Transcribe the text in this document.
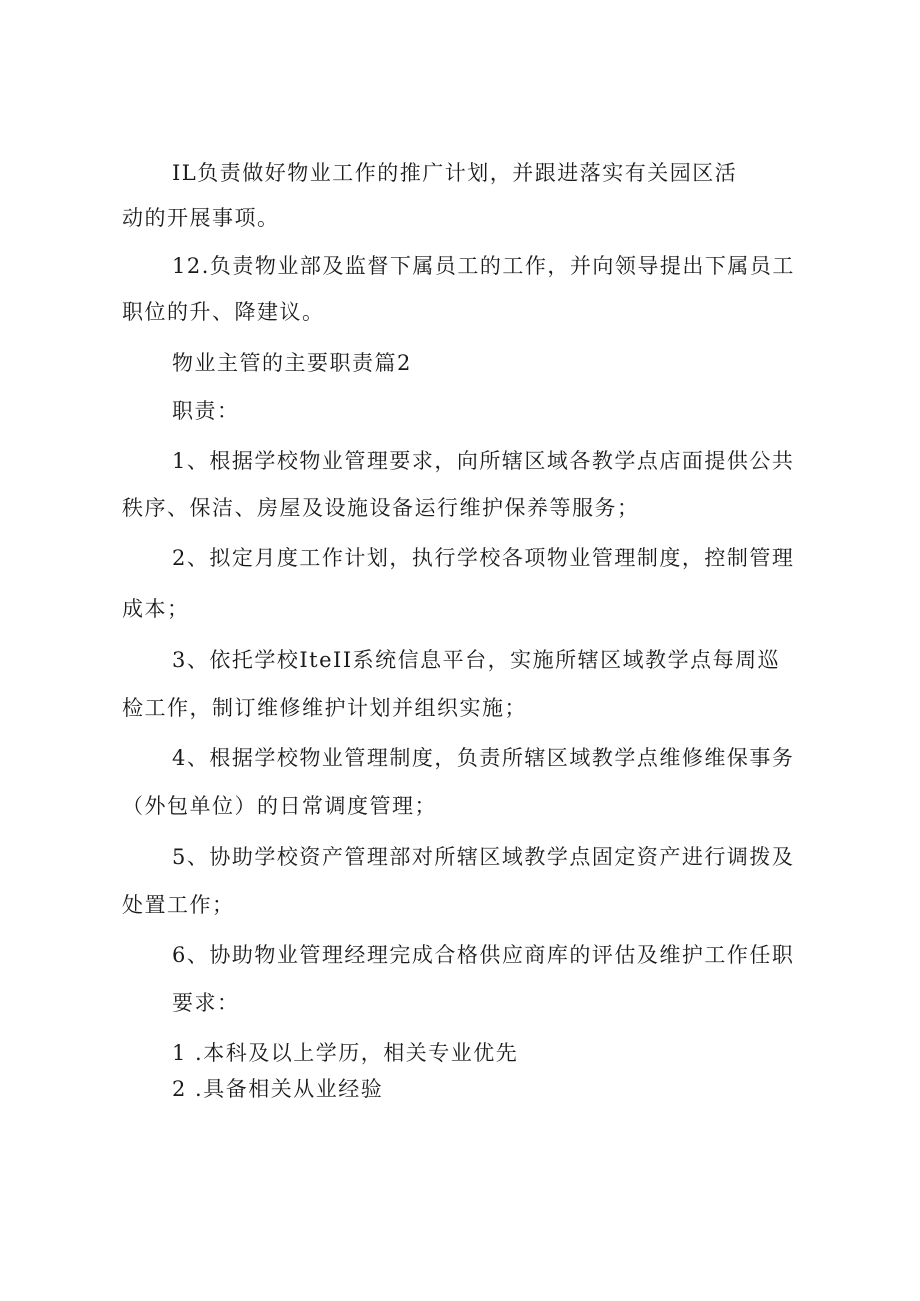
IL负责做好物业工作的推广计划，并跟进落实有关园区活
动的开展事项。
12.负责物业部及监督下属员工的工作，并向领导提出下属员工
职位的升、降建议。
物业主管的主要职责篇2
职责：
1、根据学校物业管理要求，向所辖区域各教学点店面提供公共
秩序、保洁、房屋及设施设备运行维护保养等服务；
2、拟定月度工作计划，执行学校各项物业管理制度，控制管理
成本；
3、依托学校IteII系统信息平台，实施所辖区域教学点每周巡
检工作，制订维修维护计划并组织实施；
4、根据学校物业管理制度，负责所辖区域教学点维修维保事务
（外包单位）的日常调度管理；
5、协助学校资产管理部对所辖区域教学点固定资产进行调拨及
处置工作；
6、协助物业管理经理完成合格供应商库的评估及维护工作任职
要求：
1 .本科及以上学历，相关专业优先
2 .具备相关从业经验
